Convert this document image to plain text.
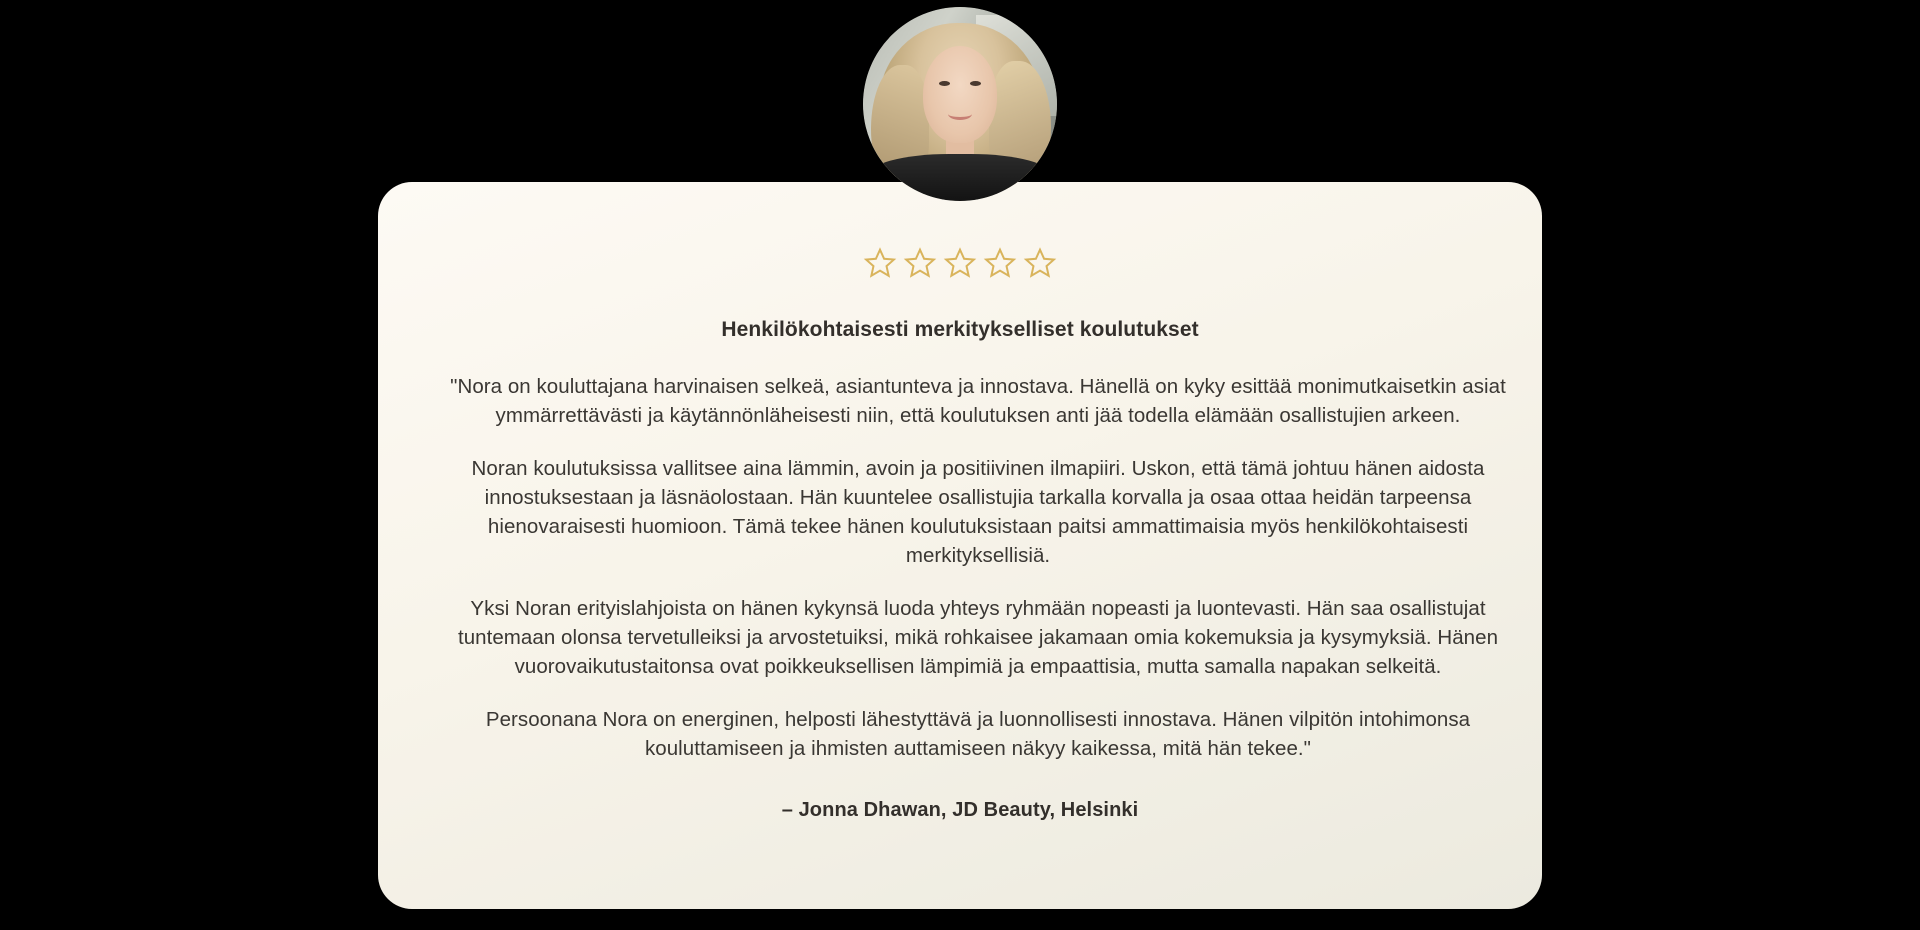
Henkilökohtaisesti merkitykselliset koulutukset

"Nora on kouluttajana harvinaisen selkeä, asiantunteva ja innostava. Hänellä on kyky esittää monimutkaisetkin asiat ymmärrettävästi ja käytännönläheisesti niin, että koulutuksen anti jää todella elämään osallistujien arkeen.

Noran koulutuksissa vallitsee aina lämmin, avoin ja positiivinen ilmapiiri. Uskon, että tämä johtuu hänen aidosta innostuksestaan ja läsnäolostaan. Hän kuuntelee osallistujia tarkalla korvalla ja osaa ottaa heidän tarpeensa hienovaraisesti huomioon. Tämä tekee hänen koulutuksistaan paitsi ammattimaisia myös henkilökohtaisesti merkityksellisiä.

Yksi Noran erityislahjoista on hänen kykynsä luoda yhteys ryhmään nopeasti ja luontevasti. Hän saa osallistujat tuntemaan olonsa tervetulleiksi ja arvostetuiksi, mikä rohkaisee jakamaan omia kokemuksia ja kysymyksiä. Hänen vuorovaikutustaitonsa ovat poikkeuksellisen lämpimiä ja empaattisia, mutta samalla napakan selkeitä.

Persoonana Nora on energinen, helposti lähestyttävä ja luonnollisesti innostava. Hänen vilpitön intohimonsa kouluttamiseen ja ihmisten auttamiseen näkyy kaikessa, mitä hän tekee."

– Jonna Dhawan, JD Beauty, Helsinki
